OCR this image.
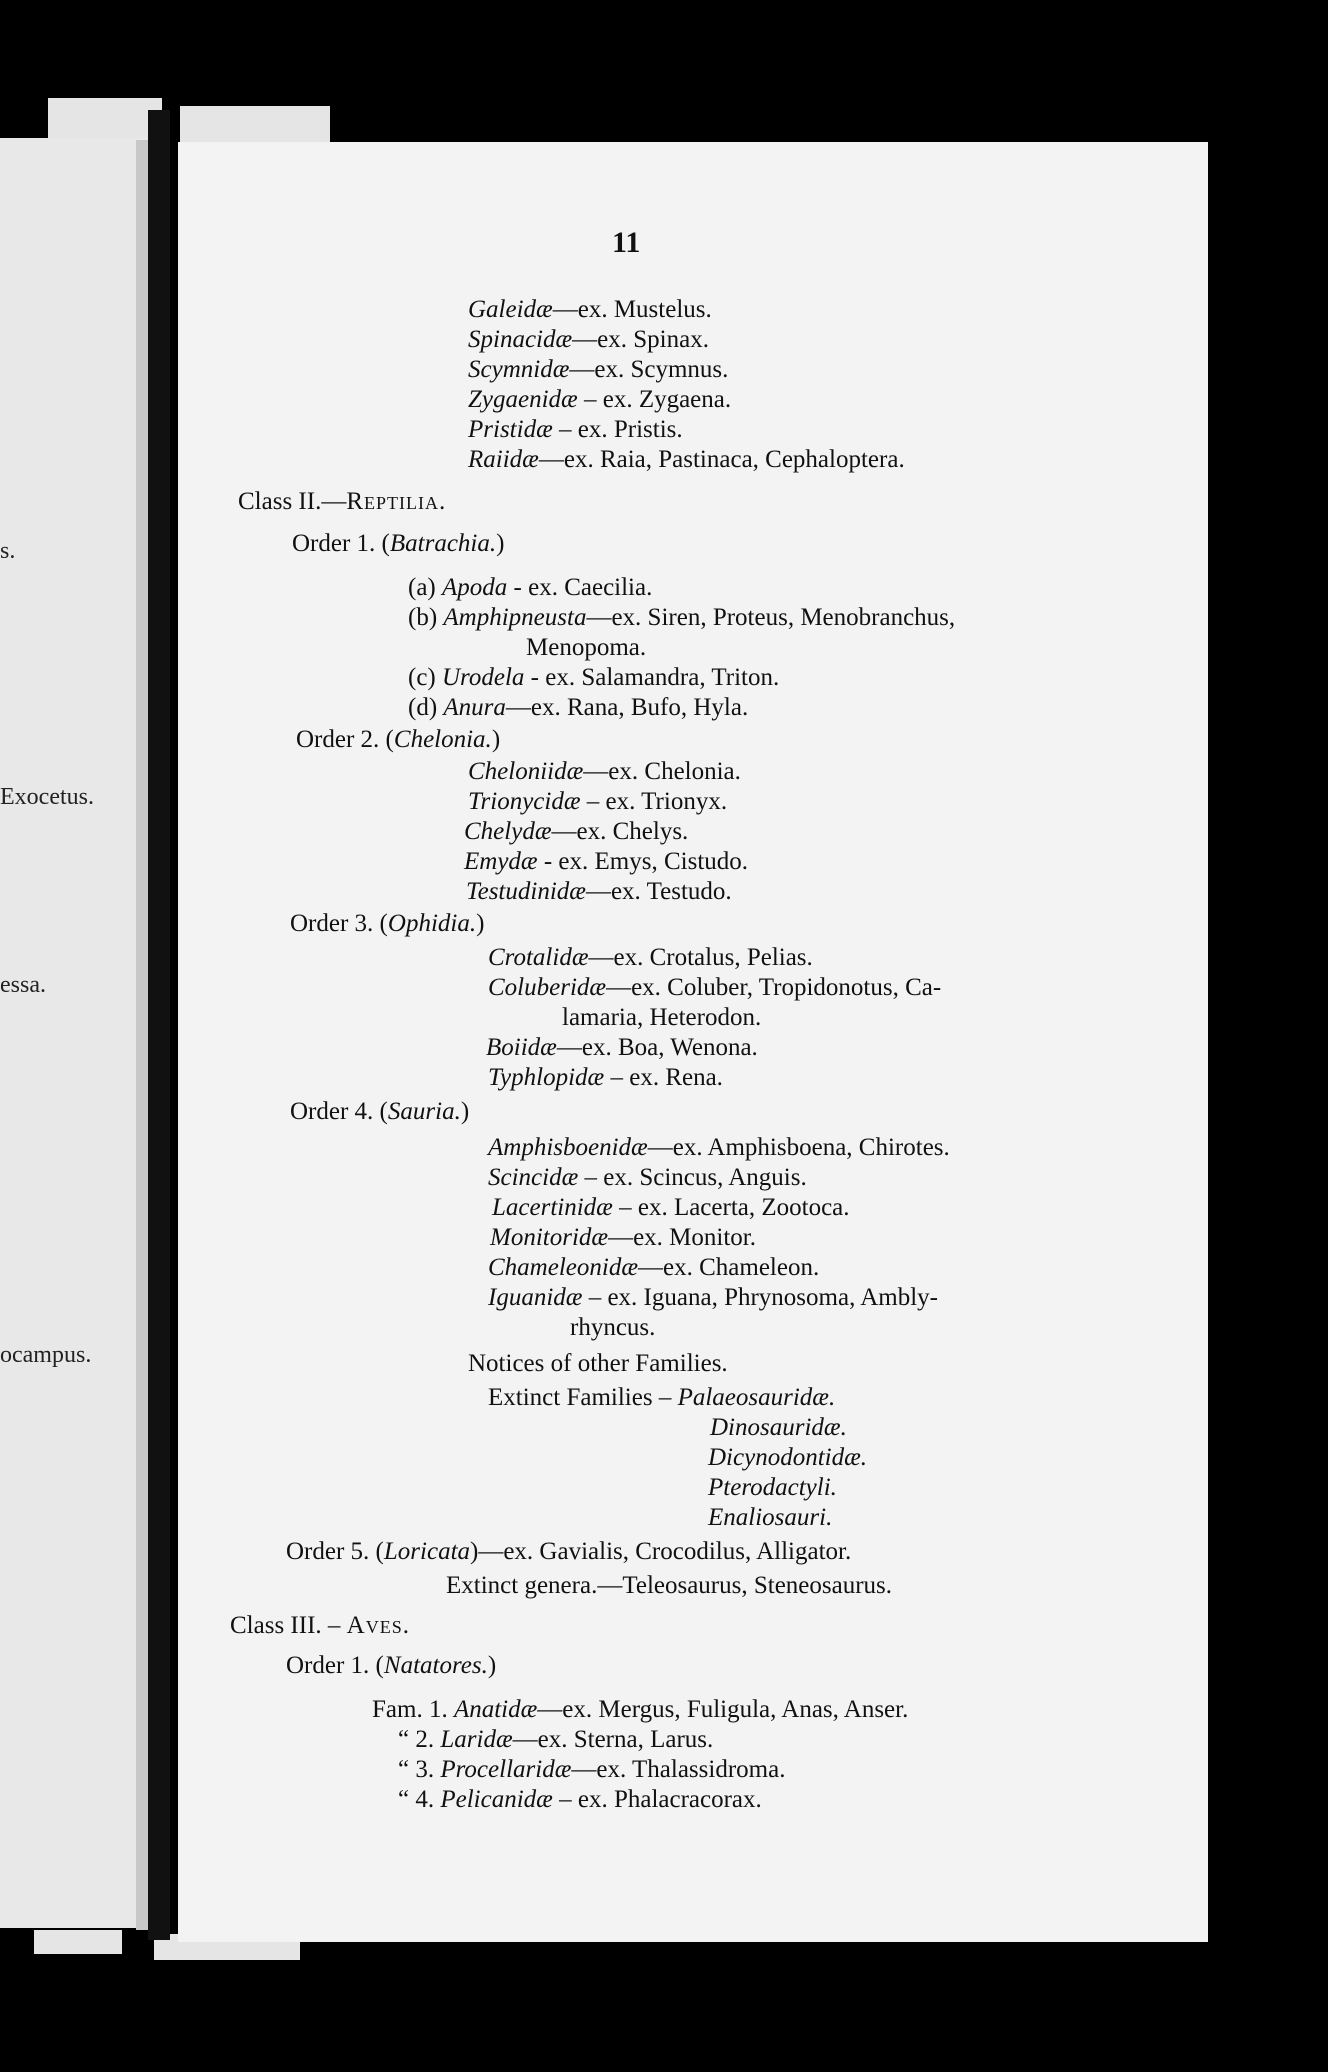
s.
Exocetus.
essa.
ocampus.
11
Galeidæ—ex. Mustelus.
Spinacidæ—ex. Spinax.
Scymnidæ—ex. Scymnus.
Zygaenidæ – ex. Zygaena.
Pristidæ – ex. Pristis.
Raiidæ—ex. Raia, Pastinaca, Cephaloptera.
Class II.—Reptilia.
Order 1. (Batrachia.)
(a) Apoda - ex. Caecilia.
(b) Amphipneusta—ex. Siren, Proteus, Menobranchus,
Menopoma.
(c) Urodela - ex. Salamandra, Triton.
(d) Anura—ex. Rana, Bufo, Hyla.
Order 2. (Chelonia.)
Cheloniidæ—ex. Chelonia.
Trionycidæ – ex. Trionyx.
Chelydæ—ex. Chelys.
Emydæ - ex. Emys, Cistudo.
Testudinidæ—ex. Testudo.
Order 3. (Ophidia.)
Crotalidæ—ex. Crotalus, Pelias.
Coluberidæ—ex. Coluber, Tropidonotus, Ca-
lamaria, Heterodon.
Boiidæ—ex. Boa, Wenona.
Typhlopidæ – ex. Rena.
Order 4. (Sauria.)
Amphisboenidæ—ex. Amphisboena, Chirotes.
Scincidæ – ex. Scincus, Anguis.
Lacertinidæ – ex. Lacerta, Zootoca.
Monitoridæ—ex. Monitor.
Chameleonidæ—ex. Chameleon.
Iguanidæ – ex. Iguana, Phrynosoma, Ambly-
rhyncus.
Notices of other Families.
Extinct Families – Palaeosauridæ.
Dinosauridæ.
Dicynodontidæ.
Pterodactyli.
Enaliosauri.
Order 5. (Loricata)—ex. Gavialis, Crocodilus, Alligator.
Extinct genera.—Teleosaurus, Steneosaurus.
Class III. – Aves.
Order 1. (Natatores.)
Fam. 1. Anatidæ—ex. Mergus, Fuligula, Anas, Anser.
“ 2. Laridæ—ex. Sterna, Larus.
“ 3. Procellaridæ—ex. Thalassidroma.
“ 4. Pelicanidæ – ex. Phalacracorax.
